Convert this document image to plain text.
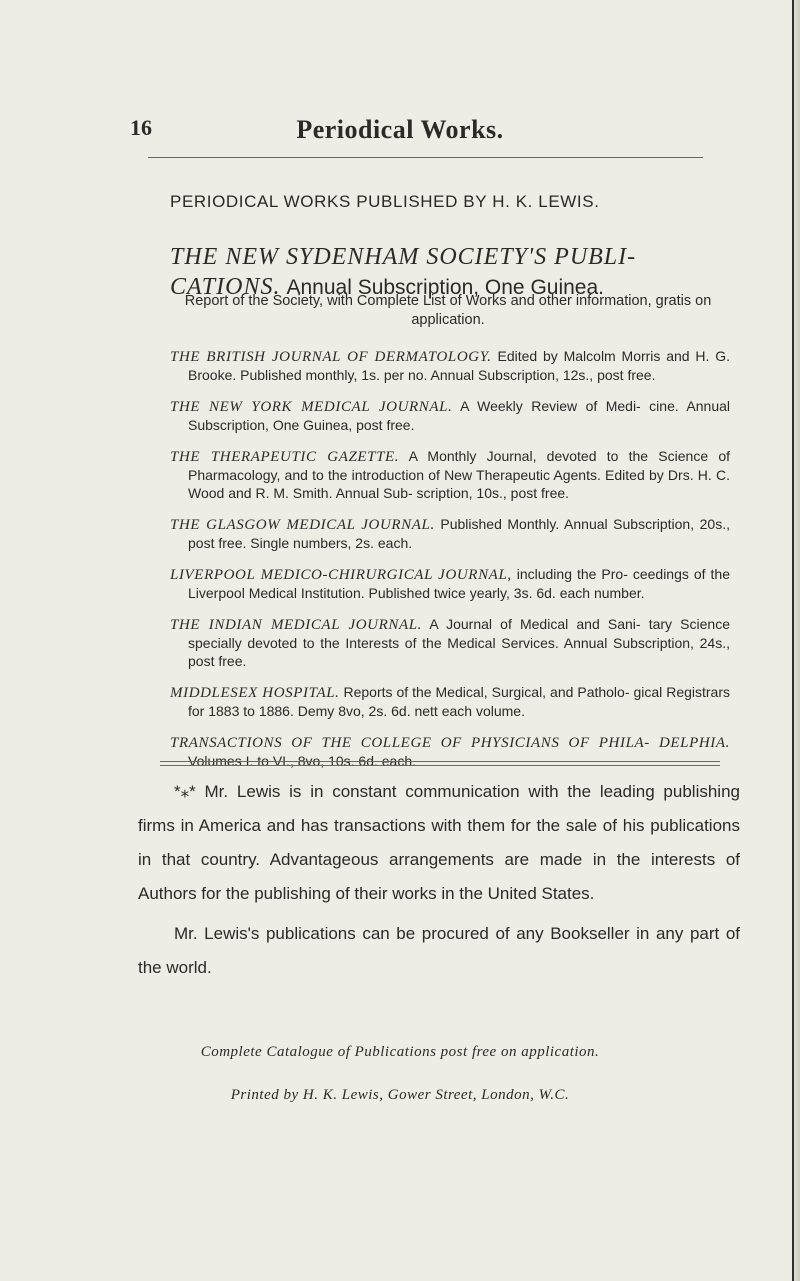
16	Periodical Works.
PERIODICAL WORKS PUBLISHED BY H. K. LEWIS.
THE NEW SYDENHAM SOCIETY'S PUBLI- CATIONS. Annual Subscription, One Guinea.
Report of the Society, with Complete List of Works and other information, gratis on application.

THE BRITISH JOURNAL OF DERMATOLOGY. Edited by Malcolm Morris and H. G. Brooke. Published monthly, 1s. per no. Annual Subscription, 12s., post free.

THE NEW YORK MEDICAL JOURNAL. A Weekly Review of Medi- cine. Annual Subscription, One Guinea, post free.

THE THERAPEUTIC GAZETTE. A Monthly Journal, devoted to the Science of Pharmacology, and to the introduction of New Therapeutic Agents. Edited by Drs. H. C. Wood and R. M. Smith. Annual Sub- scription, 10s., post free.

THE GLASGOW MEDICAL JOURNAL. Published Monthly. Annual Subscription, 20s., post free. Single numbers, 2s. each.

LIVERPOOL MEDICO-CHIRURGICAL JOURNAL, including the Pro- ceedings of the Liverpool Medical Institution. Published twice yearly, 3s. 6d. each number.

THE INDIAN MEDICAL JOURNAL. A Journal of Medical and Sani- tary Science specially devoted to the Interests of the Medical Services. Annual Subscription, 24s., post free.

MIDDLESEX HOSPITAL. Reports of the Medical, Surgical, and Patholo- gical Registrars for 1883 to 1886. Demy 8vo, 2s. 6d. nett each volume.

TRANSACTIONS OF THE COLLEGE OF PHYSICIANS OF PHILA- DELPHIA. Volumes I. to VI., 8vo, 10s. 6d. each.

*⁎* Mr. Lewis is in constant communication with the leading publishing firms in America and has transactions with them for the sale of his publications in that country. Advantageous arrangements are made in the interests of Authors for the publishing of their works in the United States.

Mr. Lewis's publications can be procured of any Bookseller in any part of the world.

Complete Catalogue of Publications post free on application.
Printed by H. K. Lewis, Gower Street, London, W.C.
